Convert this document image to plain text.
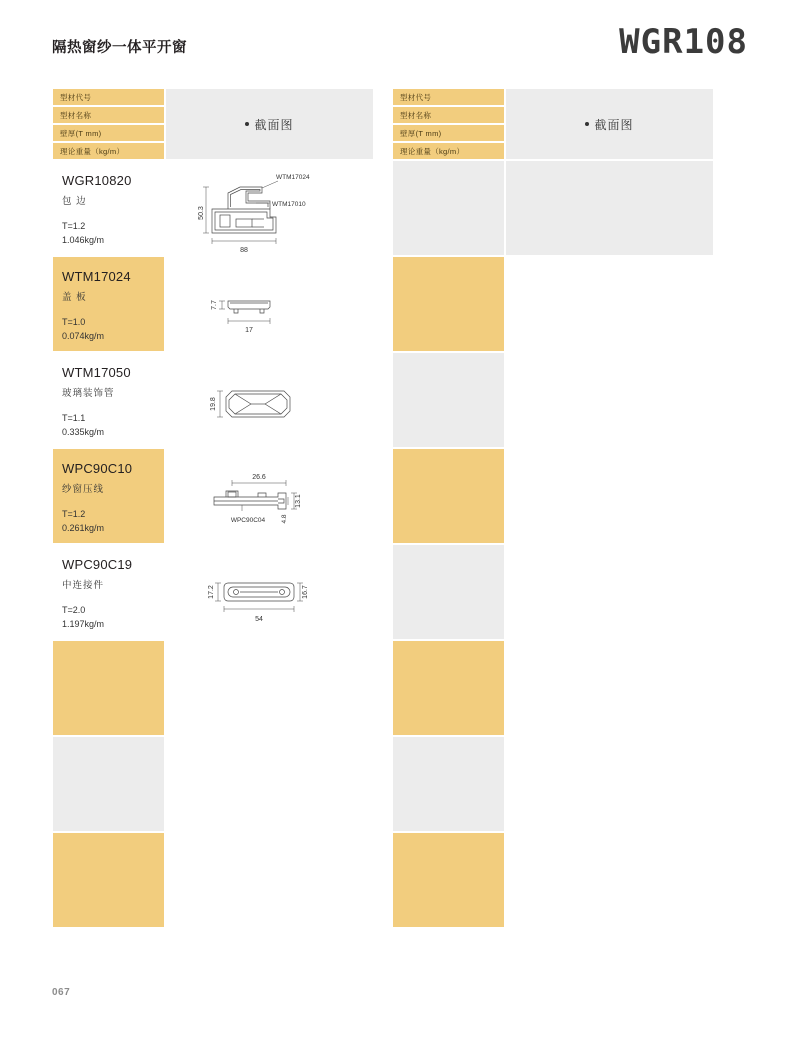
隔热窗纱一体平开窗	WGR108
型材代号
型材名称
壁厚(T mm)
理论重量（kg/m）
截面图
WGR10820
包 边
T=1.2
1.046kg/m
50.3
88
WTM17024
WTM17010
WTM17024
盖 板
T=1.0
0.074kg/m
7.7
17
WTM17050
玻璃装饰管
T=1.1
0.335kg/m
19.8
WPC90C10
纱窗压线
T=1.2
0.261kg/m
26.6
13.1
4.8
WPC90C04
WPC90C19
中连接件
T=2.0
1.197kg/m
17.2	16.7
54
型材代号
型材名称
壁厚(T mm)
理论重量（kg/m）
截面图
067
